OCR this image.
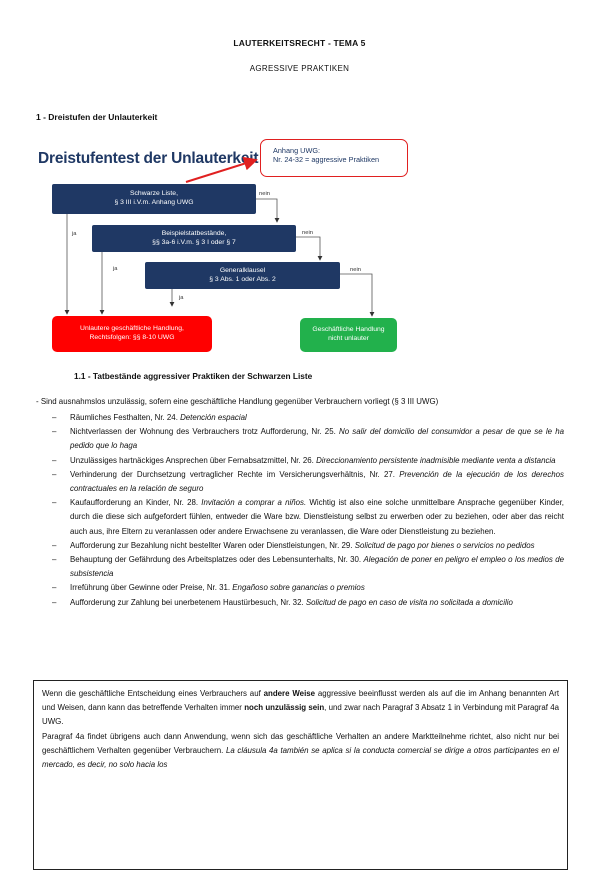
LAUTERKEITSRECHT - TEMA 5
AGRESSIVE PRAKTIKEN
1 - Dreistufen der Unlauterkeit
Dreistufentest der Unlauterkeit Anhang UWG:
Nr. 24-32 = aggressive Praktiken
Schwarze Liste,
§ 3 III i.V.m. Anhang UWG
Beispielstatbestände,
§§ 3a-6 i.V.m. § 3 I oder § 7
Generalklausel
§ 3 Abs. 1 oder Abs. 2
Unlautere geschäftliche Handlung,
Rechtsfolgen: §§ 8-10 UWG
Geschäftliche Handlung
nicht unlauter
nein
nein
nein
ja
ja
ja
1.1 - Tatbestände aggressiver Praktiken der Schwarzen Liste
- Sind ausnahmslos unzulässig, sofern eine geschäftliche Handlung gegenüber Verbrauchern vorliegt (§ 3 III UWG)
– Räumliches Festhalten, Nr. 24. Detención espacial
– Nichtverlassen der Wohnung des Verbrauchers trotz Aufforderung, Nr. 25. No salir del domicilio del consumidor a pesar de que se le ha pedido que lo haga
– Unzulässiges hartnäckiges Ansprechen über Fernabsatzmittel, Nr. 26. Direccionamiento persistente inadmisible mediante venta a distancia
– Verhinderung der Durchsetzung vertraglicher Rechte im Versicherungsverhältnis, Nr. 27. Prevención de la ejecución de los derechos contractuales en la relación de seguro
– Kaufaufforderung an Kinder, Nr. 28. Invitación a comprar a niños. Wichtig ist also eine solche unmittelbare Ansprache gegenüber Kinder, durch die diese sich aufgefordert fühlen, entweder die Ware bzw. Dienstleistung selbst zu erwerben oder zu beziehen, oder aber das reicht auch aus, ihre Eltern zu veranlassen oder andere Erwachsene zu veranlassen, die Ware oder Dienstleistung zu beziehen.
– Aufforderung zur Bezahlung nicht bestellter Waren oder Dienstleistungen, Nr. 29. Solicitud de pago por bienes o servicios no pedidos
– Behauptung der Gefährdung des Arbeitsplatzes oder des Lebensunterhalts, Nr. 30. Alegación de poner en peligro el empleo o los medios de subsistencia
– Irreführung über Gewinne oder Preise, Nr. 31. Engañoso sobre ganancias o premios
– Aufforderung zur Zahlung bei unerbetenem Haustürbesuch, Nr. 32. Solicitud de pago en caso de visita no solicitada a domicilio

Wenn die geschäftliche Entscheidung eines Verbrauchers auf andere Weise aggressive beeinflusst werden als auf die im Anhang benannten Art und Weisen, dann kann das betreffende Verhalten immer noch unzulässig sein, und zwar nach Paragraf 3 Absatz 1 in Verbindung mit Paragraf 4a UWG.

Paragraf 4a findet übrigens auch dann Anwendung, wenn sich das geschäftliche Verhalten an andere Marktteilnehme richtet, also nicht nur bei geschäftlichem Verhalten gegenüber Verbrauchern. La cláusula 4a también se aplica si la conducta comercial se dirige a otros participantes en el mercado, es decir, no solo hacia los
